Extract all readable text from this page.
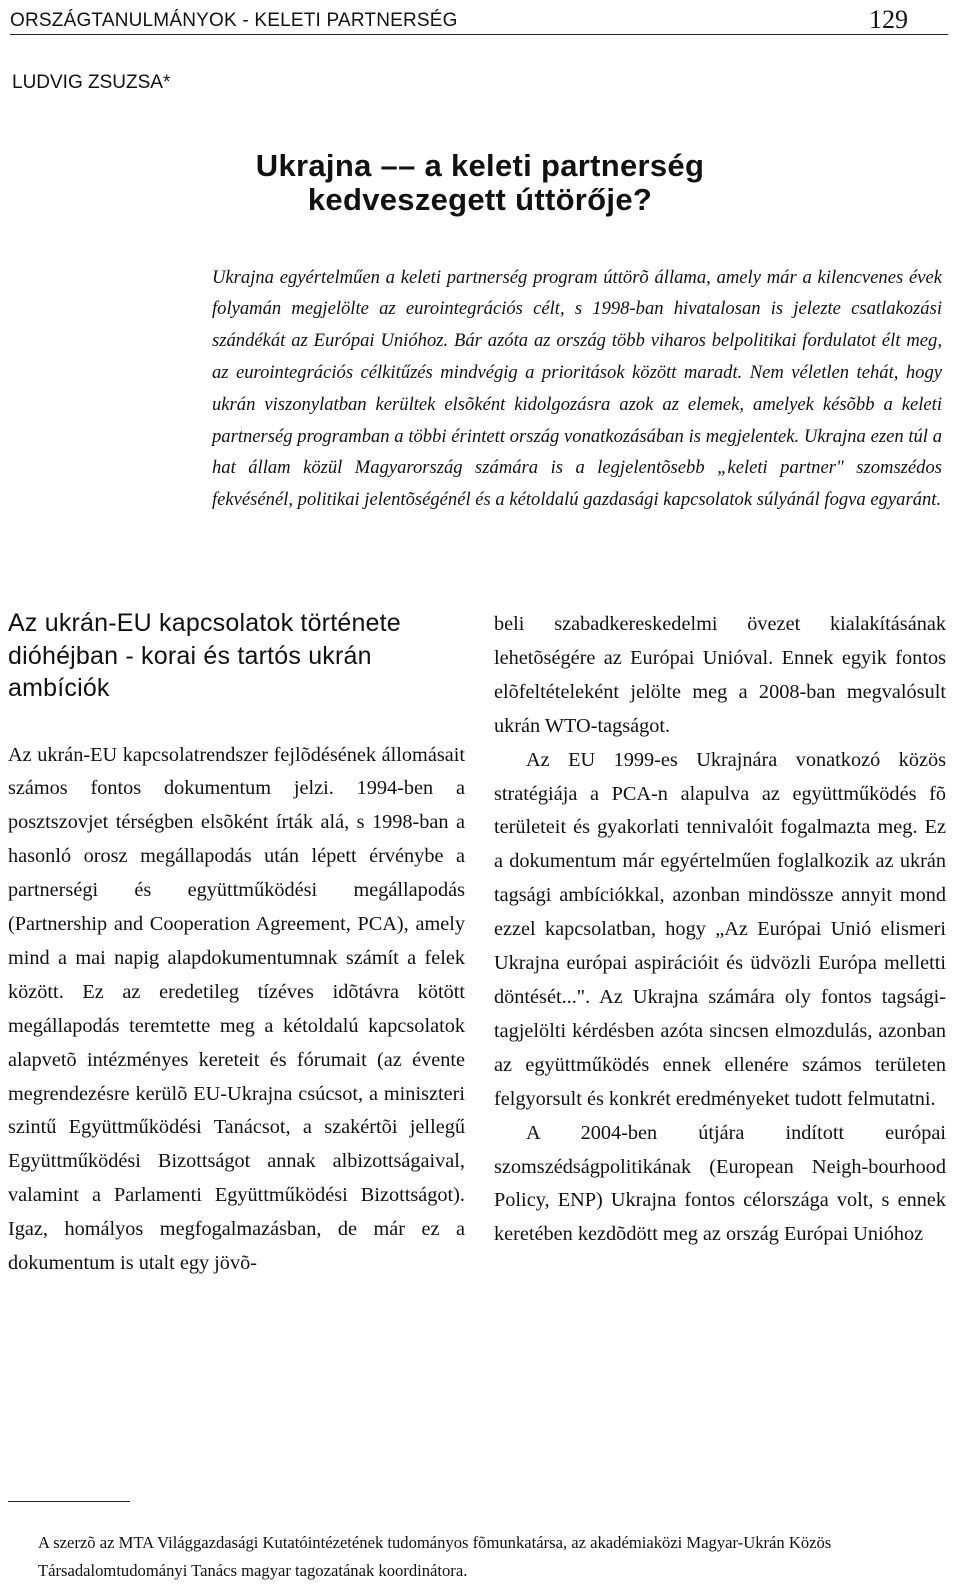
ORSZÁGTANULMÁNYOK - KELETI PARTNERSÉG	129
LUDVIG ZSUZSA*
Ukrajna –– a keleti partnerség
kedveszegett úttörője?

Ukrajna egyértelműen a keleti partnerség program úttörõ állama, amely már a kilencvenes évek folyamán megjelölte az eurointegrációs célt, s 1998-ban hivatalosan is jelezte csatlakozási szándékát az Európai Unióhoz. Bár azóta az ország több viharos belpolitikai fordulatot élt meg, az eurointegrációs célkitűzés mindvégig a prioritások között maradt. Nem véletlen tehát, hogy ukrán viszonylatban kerültek elsõként kidolgozásra azok az elemek, amelyek késõbb a keleti partnerség programban a többi érintett ország vonatkozásában is megjelentek. Ukrajna ezen túl a hat állam közül Magyarország számára is a legjelentõsebb „keleti partner" szomszédos fekvésénél, politikai jelentõségénél és a kétoldalú gazdasági kapcsolatok súlyánál fogva egyaránt.

Az ukrán-EU kapcsolatok története dióhéjban - korai és tartós ukrán ambíciók

Az ukrán-EU kapcsolatrendszer fejlõdésének állomásait számos fontos dokumentum jelzi. 1994-ben a posztszovjet térségben elsõként írták alá, s 1998-ban a hasonló orosz megállapodás után lépett érvénybe a partnerségi és együttműködési megállapodás (Partnership and Cooperation Agreement, PCA), amely mind a mai napig alapdokumentumnak számít a felek között. Ez az eredetileg tízéves idõtávra kötött megállapodás teremtette meg a kétoldalú kapcsolatok alapvetõ intézményes kereteit és fórumait (az évente megrendezésre kerülõ EU-Ukrajna csúcsot, a miniszteri szintű Együttműködési Tanácsot, a szakértõi jellegű Együttműködési Bizottságot annak albizottságaival, valamint a Parlamenti Együttműködési Bizottságot). Igaz, homályos megfogalmazásban, de már ez a dokumentum is utalt egy jövõ-

beli szabadkereskedelmi övezet kialakításának lehetõségére az Európai Unióval. Ennek egyik fontos elõfeltételeként jelölte meg a 2008-ban megvalósult ukrán WTO-tagságot.

Az EU 1999-es Ukrajnára vonatkozó közös stratégiája a PCA-n alapulva az együttműködés fõ területeit és gyakorlati tennivalóit fogalmazta meg. Ez a dokumentum már egyértelműen foglalkozik az ukrán tagsági ambíciókkal, azonban mindössze annyit mond ezzel kapcsolatban, hogy „Az Európai Unió elismeri Ukrajna európai aspirációit és üdvözli Európa melletti döntését...". Az Ukrajna számára oly fontos tagsági-tagjelölti kérdésben azóta sincsen elmozdulás, azonban az együttműködés ennek ellenére számos területen felgyorsult és konkrét eredményeket tudott felmutatni.

A 2004-ben útjára indított európai szomszédságpolitikának (European Neigh-bourhood Policy, ENP) Ukrajna fontos célországa volt, s ennek keretében kezdõdött meg az ország Európai Unióhoz

A szerzõ az MTA Világgazdasági Kutatóintézetének tudományos fõmunkatársa, az akadémiaközi Magyar-Ukrán Közös Társadalomtudományi Tanács magyar tagozatának koordinátora.
